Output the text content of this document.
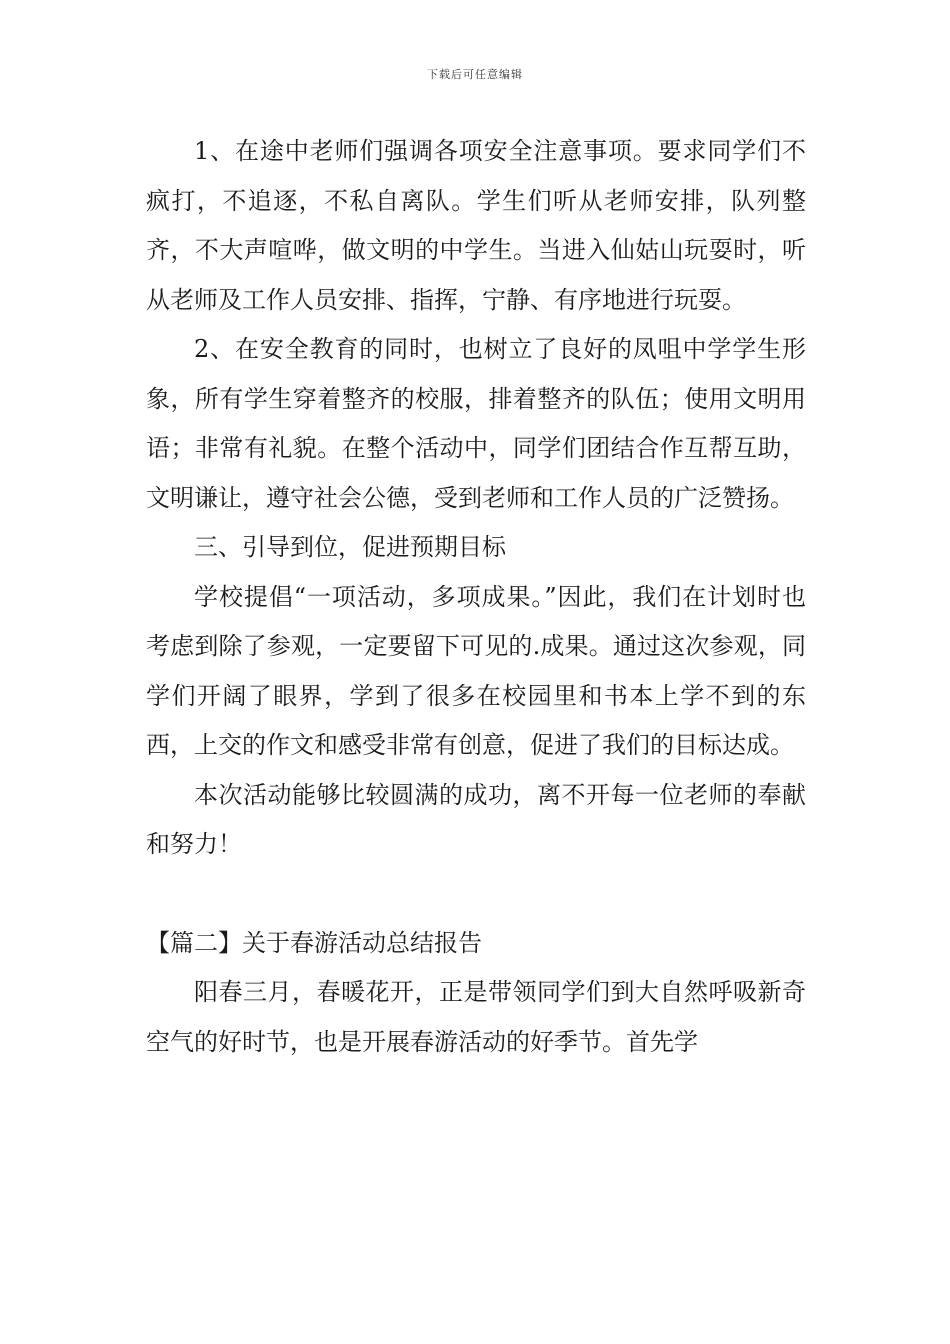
下载后可任意编辑

1、在途中老师们强调各项安全注意事项。要求同学们不疯打，不追逐，不私自离队。学生们听从老师安排，队列整齐，不大声喧哗，做文明的中学生。当进入仙姑山玩耍时，听从老师及工作人员安排、指挥，宁静、有序地进行玩耍。

2、在安全教育的同时，也树立了良好的凤咀中学学生形象，所有学生穿着整齐的校服，排着整齐的队伍；使用文明用语；非常有礼貌。在整个活动中，同学们团结合作互帮互助，文明谦让，遵守社会公德，受到老师和工作人员的广泛赞扬。

三、引导到位，促进预期目标

学校提倡“一项活动，多项成果。”因此，我们在计划时也考虑到除了参观，一定要留下可见的.成果。通过这次参观，同学们开阔了眼界，学到了很多在校园里和书本上学不到的东西，上交的作文和感受非常有创意，促进了我们的目标达成。

本次活动能够比较圆满的成功，离不开每一位老师的奉献和努力！

【篇二】关于春游活动总结报告

阳春三月，春暖花开，正是带领同学们到大自然呼吸新奇空气的好时节，也是开展春游活动的好季节。首先学
